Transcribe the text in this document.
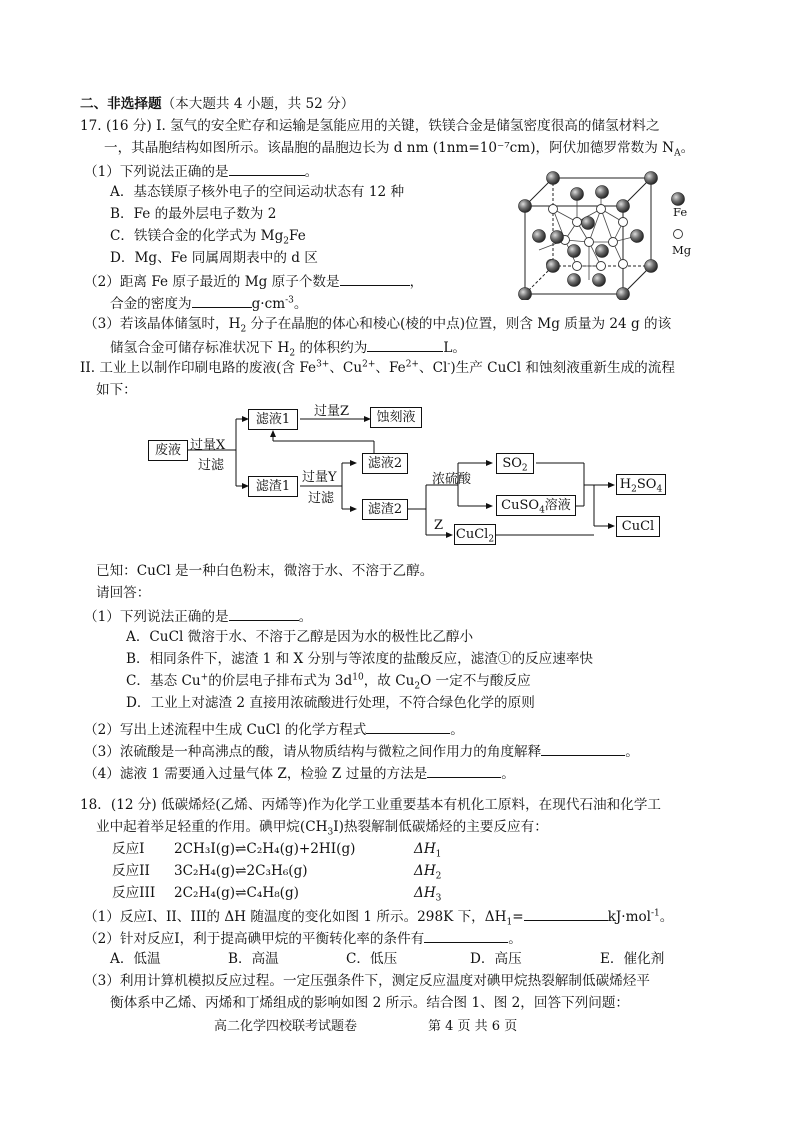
二、非选择题（本大题共 4 小题，共 52 分）
17. (16 分) I. 氢气的安全贮存和运输是氢能应用的关键，铁镁合金是储氢密度很高的储氢材料之
一，其晶胞结构如图所示。该晶胞的晶胞边长为 d nm (1nm=10⁻⁷cm)，阿伏加德罗常数为 $N_A$。
（1）下列说法正确的是	。
A．基态镁原子核外电子的空间运动状态有 12 种
B．Fe 的最外层电子数为 2
C．铁镁合金的化学式为 $Mg_2Fe$
D．Mg、Fe 同属周期表中的 d 区
（2）距离 Fe 原子最近的 Mg 原子个数是	，
合金的密度为	$g\cdot cm^{-3}$。
（3）若该晶体储氢时，$H_2$ 分子在晶胞的体心和棱心(棱的中点)位置，则含 Mg 质量为 24 g 的该
储氢合金可储存标准状况下 $H_2$ 的体积约为	L。
Fe
Mg
II. 工业上以制作印刷电路的废液(含 $Fe^{3+}$、$Cu^{2+}$、$Fe^{2+}$、Cl-)生产 CuCl 和蚀刻液重新生成的流程
如下：
废液
滤液1	蚀刻液
滤渣1
滤液2
滤渣2
$SO_2$
CuSO$_4$溶液
CuCl$_2$
$H_2SO_4$
CuCl
过量Z
过量X
过滤
过量Y
过滤
浓硫酸
Z
已知：CuCl 是一种白色粉末，微溶于水、不溶于乙醇。
请回答：
（1）下列说法正确的是	。
A．CuCl 微溶于水、不溶于乙醇是因为水的极性比乙醇小
B．相同条件下，滤渣 1 和 X 分别与等浓度的盐酸反应，滤渣①的反应速率快
C．基态 Cu+的价层电子排布式为 $3d^{10}$，故 $Cu_2O$ 一定不与酸反应
D．工业上对滤渣 2 直接用浓硫酸进行处理，不符合绿色化学的原则
（2）写出上述流程中生成 CuCl 的化学方程式	。
（3）浓硫酸是一种高沸点的酸，请从物质结构与微粒之间作用力的角度解释	。
（4）滤液 1 需要通入过量气体 Z，检验 Z 过量的方法是	。
18．(12 分) 低碳烯烃(乙烯、丙烯等)作为化学工业重要基本有机化工原料，在现代石油和化学工
业中起着举足轻重的作用。碘甲烷$(CH_3I)$热裂解制低碳烯烃的主要反应有：
反应I 2CH₃I(g)⇌C₂H₄(g)+2HI(g)	$\Delta H_1$
反应II 3C₂H₄(g)⇌2C₃H₆(g)	$\Delta H_2$
反应III 2C₂H₄(g)⇌C₄H₈(g)	$\Delta H_3$
（1）反应I、II、III的 ΔH 随温度的变化如图 1 所示。298K 下，$\Delta H_1=$	kJ·mol$^{-1}$。
（2）针对反应I，利于提高碘甲烷的平衡转化率的条件有	。
A．低温	B．高温	C．低压	D．高压	E．催化剂
（3）利用计算机模拟反应过程。一定压强条件下，测定反应温度对碘甲烷热裂解制低碳烯烃平
衡体系中乙烯、丙烯和丁烯组成的影响如图 2 所示。结合图 1、图 2，回答下列问题：
高二化学四校联考试题卷	第 4 页 共 6 页
